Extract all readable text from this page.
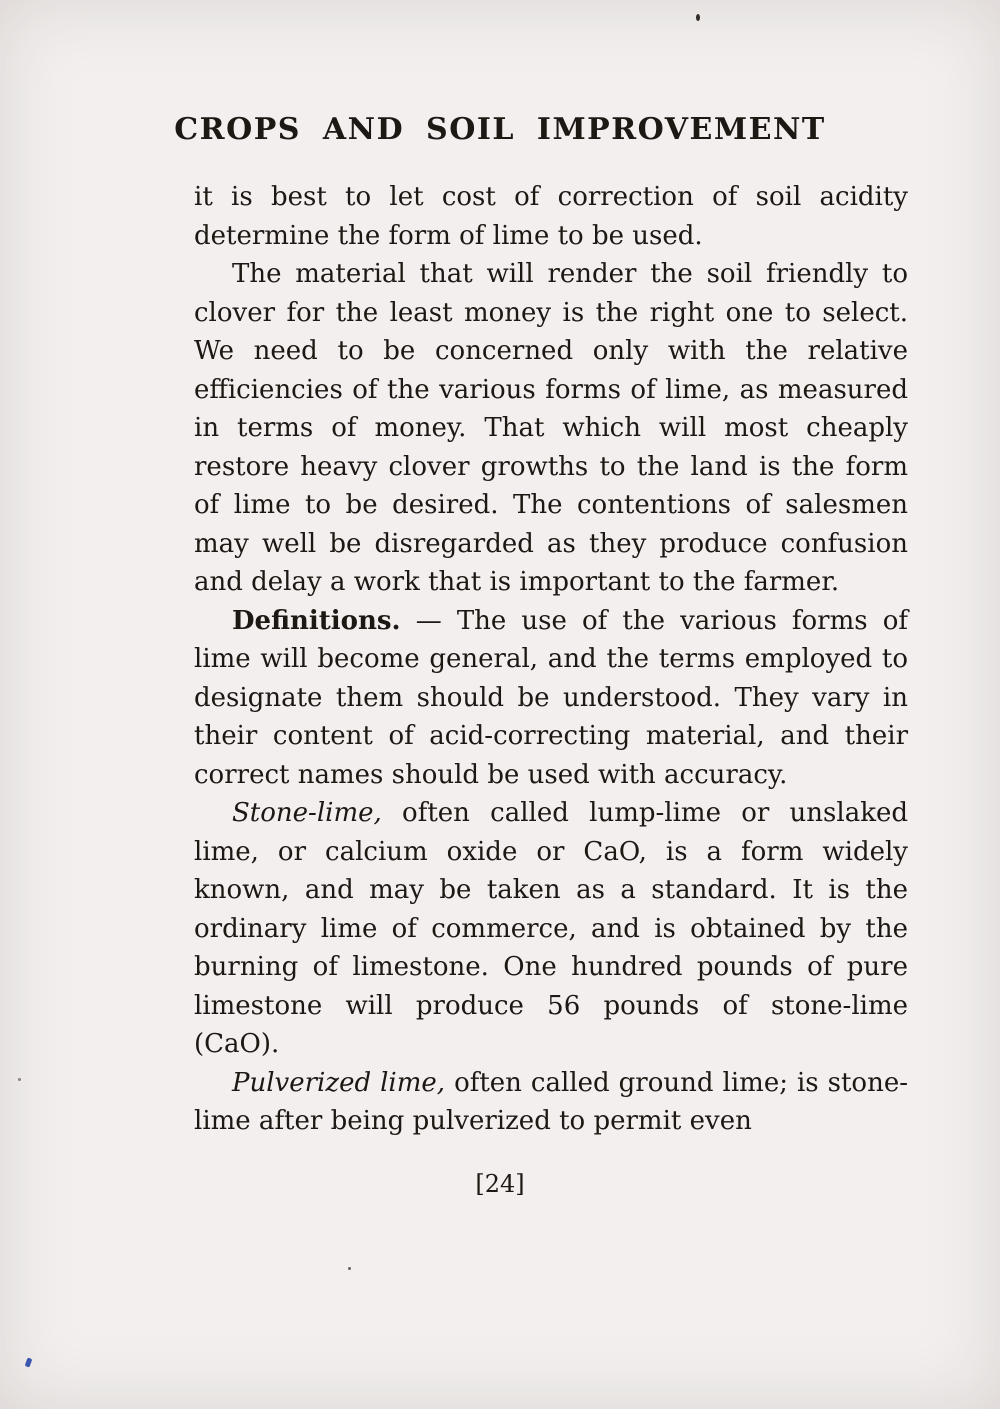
CROPS AND SOIL IMPROVEMENT

it is best to let cost of correction of soil acidity determine the form of lime to be used.

The material that will render the soil friendly to clover for the least money is the right one to select. We need to be concerned only with the relative efficiencies of the various forms of lime, as measured in terms of money. That which will most cheaply restore heavy clover growths to the land is the form of lime to be desired. The contentions of salesmen may well be disregarded as they produce confusion and delay a work that is important to the farmer.

Definitions. — The use of the various forms of lime will become general, and the terms employed to designate them should be understood. They vary in their content of acid-correcting material, and their correct names should be used with accuracy.

Stone-lime, often called lump-lime or unslaked lime, or calcium oxide or CaO, is a form widely known, and may be taken as a standard. It is the ordinary lime of commerce, and is obtained by the burning of limestone. One hundred pounds of pure limestone will produce 56 pounds of stone-lime (CaO).

Pulverized lime, often called ground lime; is stone-lime after being pulverized to permit even

[24]
